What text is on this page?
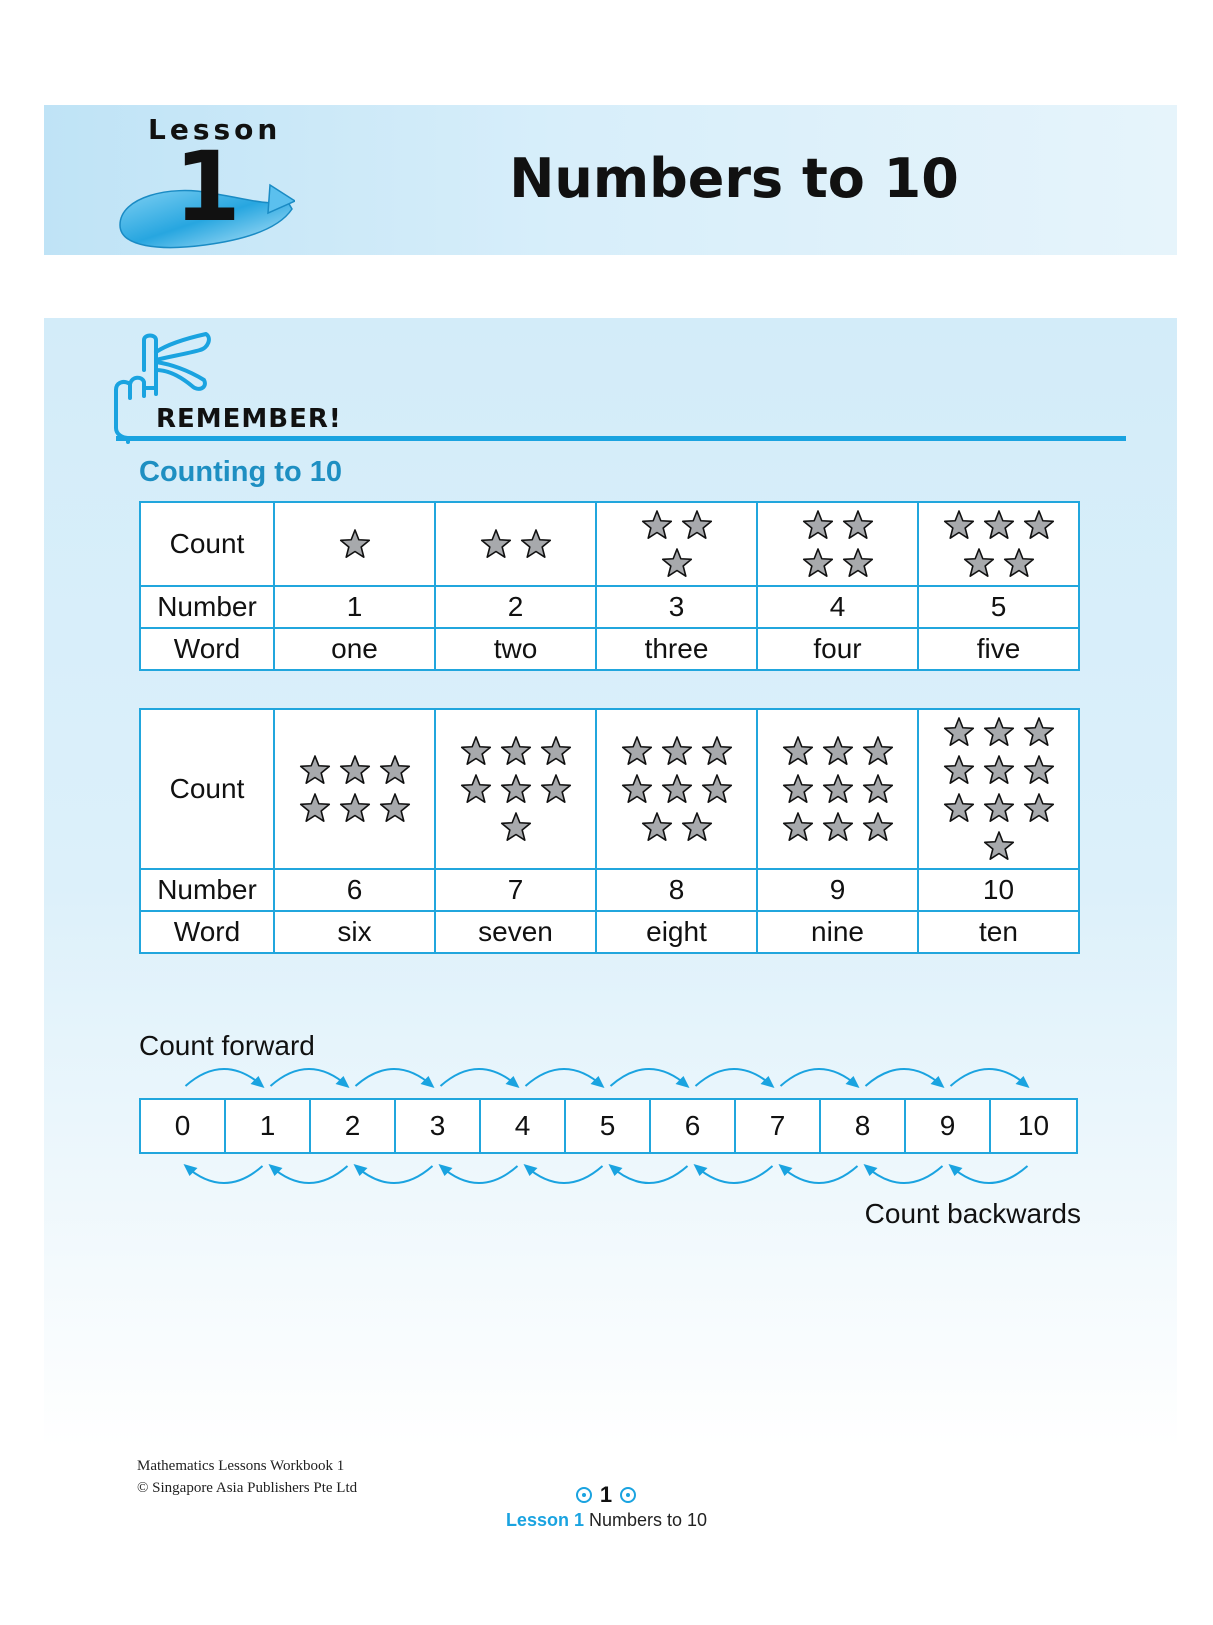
Lesson
1	Numbers to 10
REMEMBER!
Counting to 10
Count	

Number	1	2	3	4	5
Word	one	two	three	four	five
Count	

Number	6	7	8	9	10
Word	six	seven	eight	nine	ten
Count forward
0	1	2	3	4	5	6	7	8	9	10
Count backwards
Mathematics Lessons Workbook 1
© Singapore Asia Publishers Pte Ltd	1
Lesson 1 Numbers to 10
